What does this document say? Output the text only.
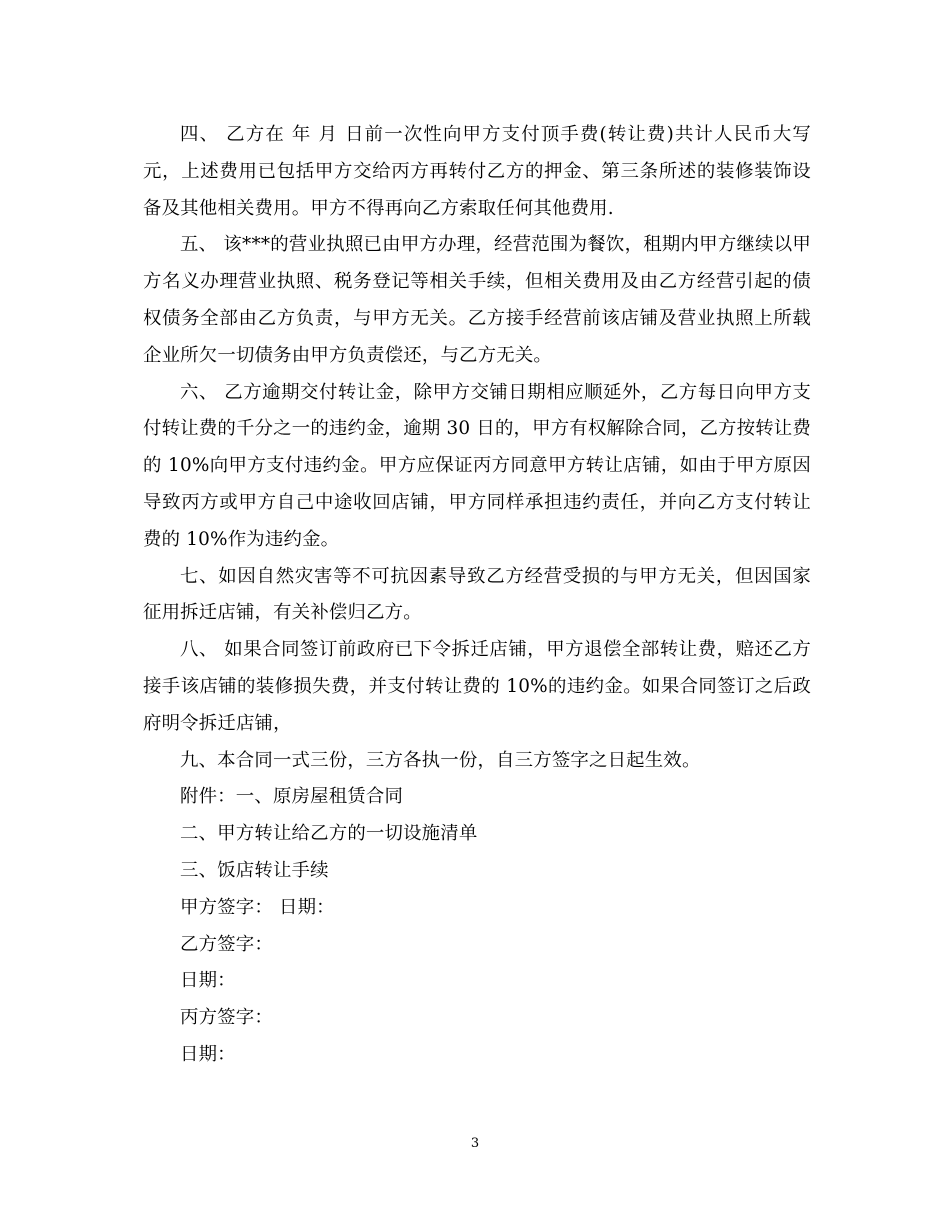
四、 乙方在 年 月 日前一次性向甲方支付顶手费(转让费)共计人民币大写 元，上述费用已包括甲方交给丙方再转付乙方的押金、第三条所述的装修装饰设备及其他相关费用。甲方不得再向乙方索取任何其他费用.

五、 该***的营业执照已由甲方办理，经营范围为餐饮，租期内甲方继续以甲方名义办理营业执照、税务登记等相关手续，但相关费用及由乙方经营引起的债权债务全部由乙方负责，与甲方无关。乙方接手经营前该店铺及营业执照上所载企业所欠一切债务由甲方负责偿还，与乙方无关。

六、 乙方逾期交付转让金，除甲方交铺日期相应顺延外，乙方每日向甲方支付转让费的千分之一的违约金，逾期 30 日的，甲方有权解除合同，乙方按转让费的 10%向甲方支付违约金。甲方应保证丙方同意甲方转让店铺，如由于甲方原因导致丙方或甲方自己中途收回店铺，甲方同样承担违约责任，并向乙方支付转让费的 10%作为违约金。

七、如因自然灾害等不可抗因素导致乙方经营受损的与甲方无关，但因国家征用拆迁店铺，有关补偿归乙方。

八、 如果合同签订前政府已下令拆迁店铺，甲方退偿全部转让费，赔还乙方接手该店铺的装修损失费，并支付转让费的 10%的违约金。如果合同签订之后政府明令拆迁店铺，

九、本合同一式三份，三方各执一份，自三方签字之日起生效。

附件：一、原房屋租赁合同

二、甲方转让给乙方的一切设施清单

三、饭店转让手续

甲方签字： 日期：

乙方签字：

日期：

丙方签字：

日期：

3
